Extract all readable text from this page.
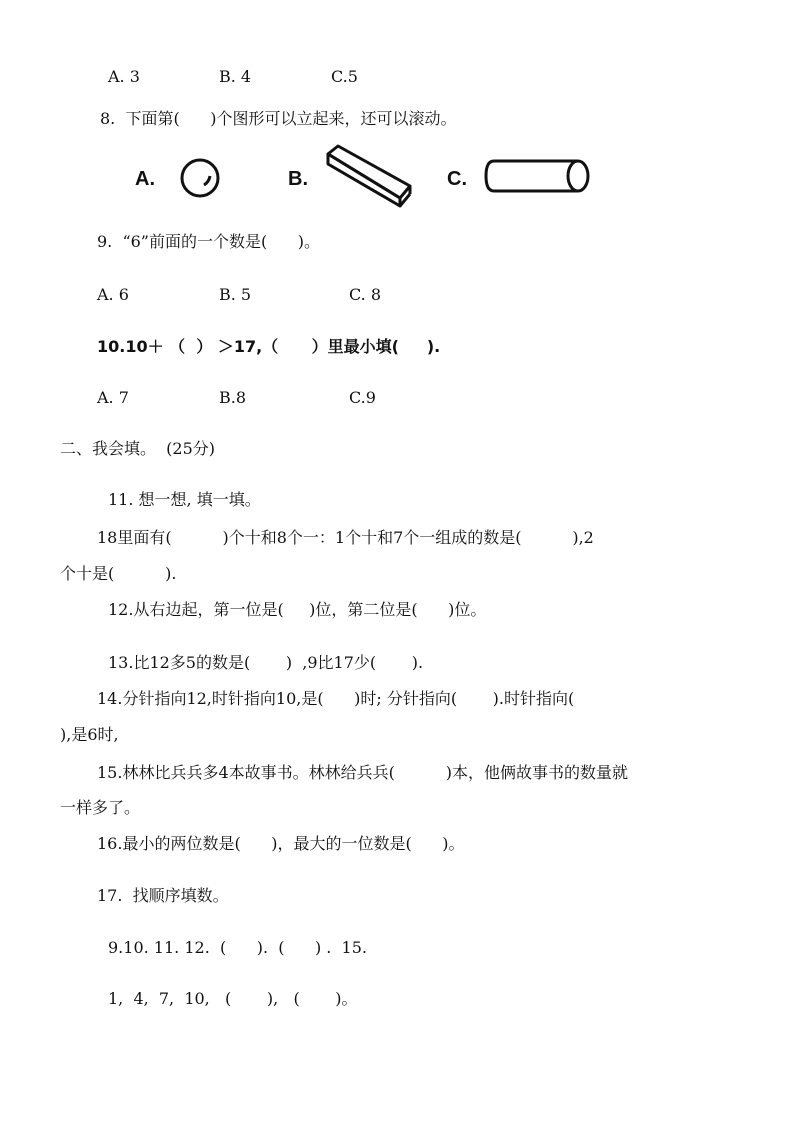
A. 3	B. 4	C.5
8.  下面第(      )个图形可以立起来，还可以滚动。
A.	B.	C.
9.  “6”前面的一个数是(      )。
A. 6	B. 5	C. 8
10.10＋ （  ） ＞17,（      ）里最小填(     ).
A. 7	B.8	C.9
二、我会填。  (25分)
11. 想一想, 填一填。
18里面有(          )个十和8个一：1个十和7个一组成的数是(          ),2
个十是(          ).
12.从右边起，第一位是(     )位，第二位是(      )位。
13.比12多5的数是(       )  ,9比17少(       ).
14.分针指向12,时针指向10,是(      )时; 分针指向(       ).时针指向(
),是6时,
15.林林比兵兵多4本故事书。林林给兵兵(          )本，他俩故事书的数量就
一样多了。
16.最小的两位数是(      )，最大的一位数是(      )。
17.  找顺序填数。
9.10. 11. 12.  (      ).  (      ) .  15.
1,  4,  7,  10,   (       ),   (       )。
